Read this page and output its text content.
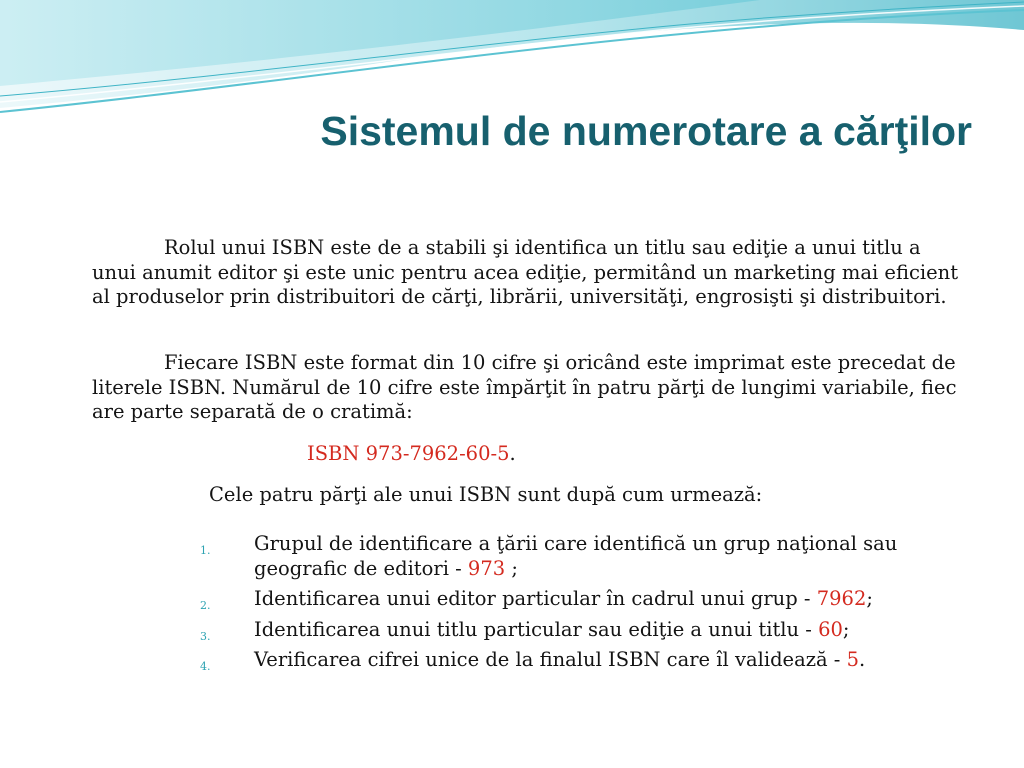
Sistemul de numerotare a cărţilor
Rolul unui ISBN este de a stabili şi identifica un titlu sau ediţie a unui titlu a unui anumit editor şi este unic pentru acea ediţie, permitând un marketing mai eficient al produselor prin distribuitori de cărţi, librării, universităţi, engrosişti şi distribuitori.
Fiecare ISBN este format din 10 cifre şi oricând este imprimat este precedat de literele ISBN. Numărul de 10 cifre este împărţit în patru părţi de lungimi variabile, fiec are parte separată de o cratimă:
ISBN 973-7962-60-5.
Cele patru părţi ale unui ISBN sunt după cum urmează:
1. Grupul de identificare a ţării care identifică un grup naţional sau geografic de editori - 973 ;
2. Identificarea unui editor particular în cadrul unui grup - 7962;
3. Identificarea unui titlu particular sau ediţie a unui titlu - 60;
4. Verificarea cifrei unice de la finalul ISBN care îl validează - 5.
